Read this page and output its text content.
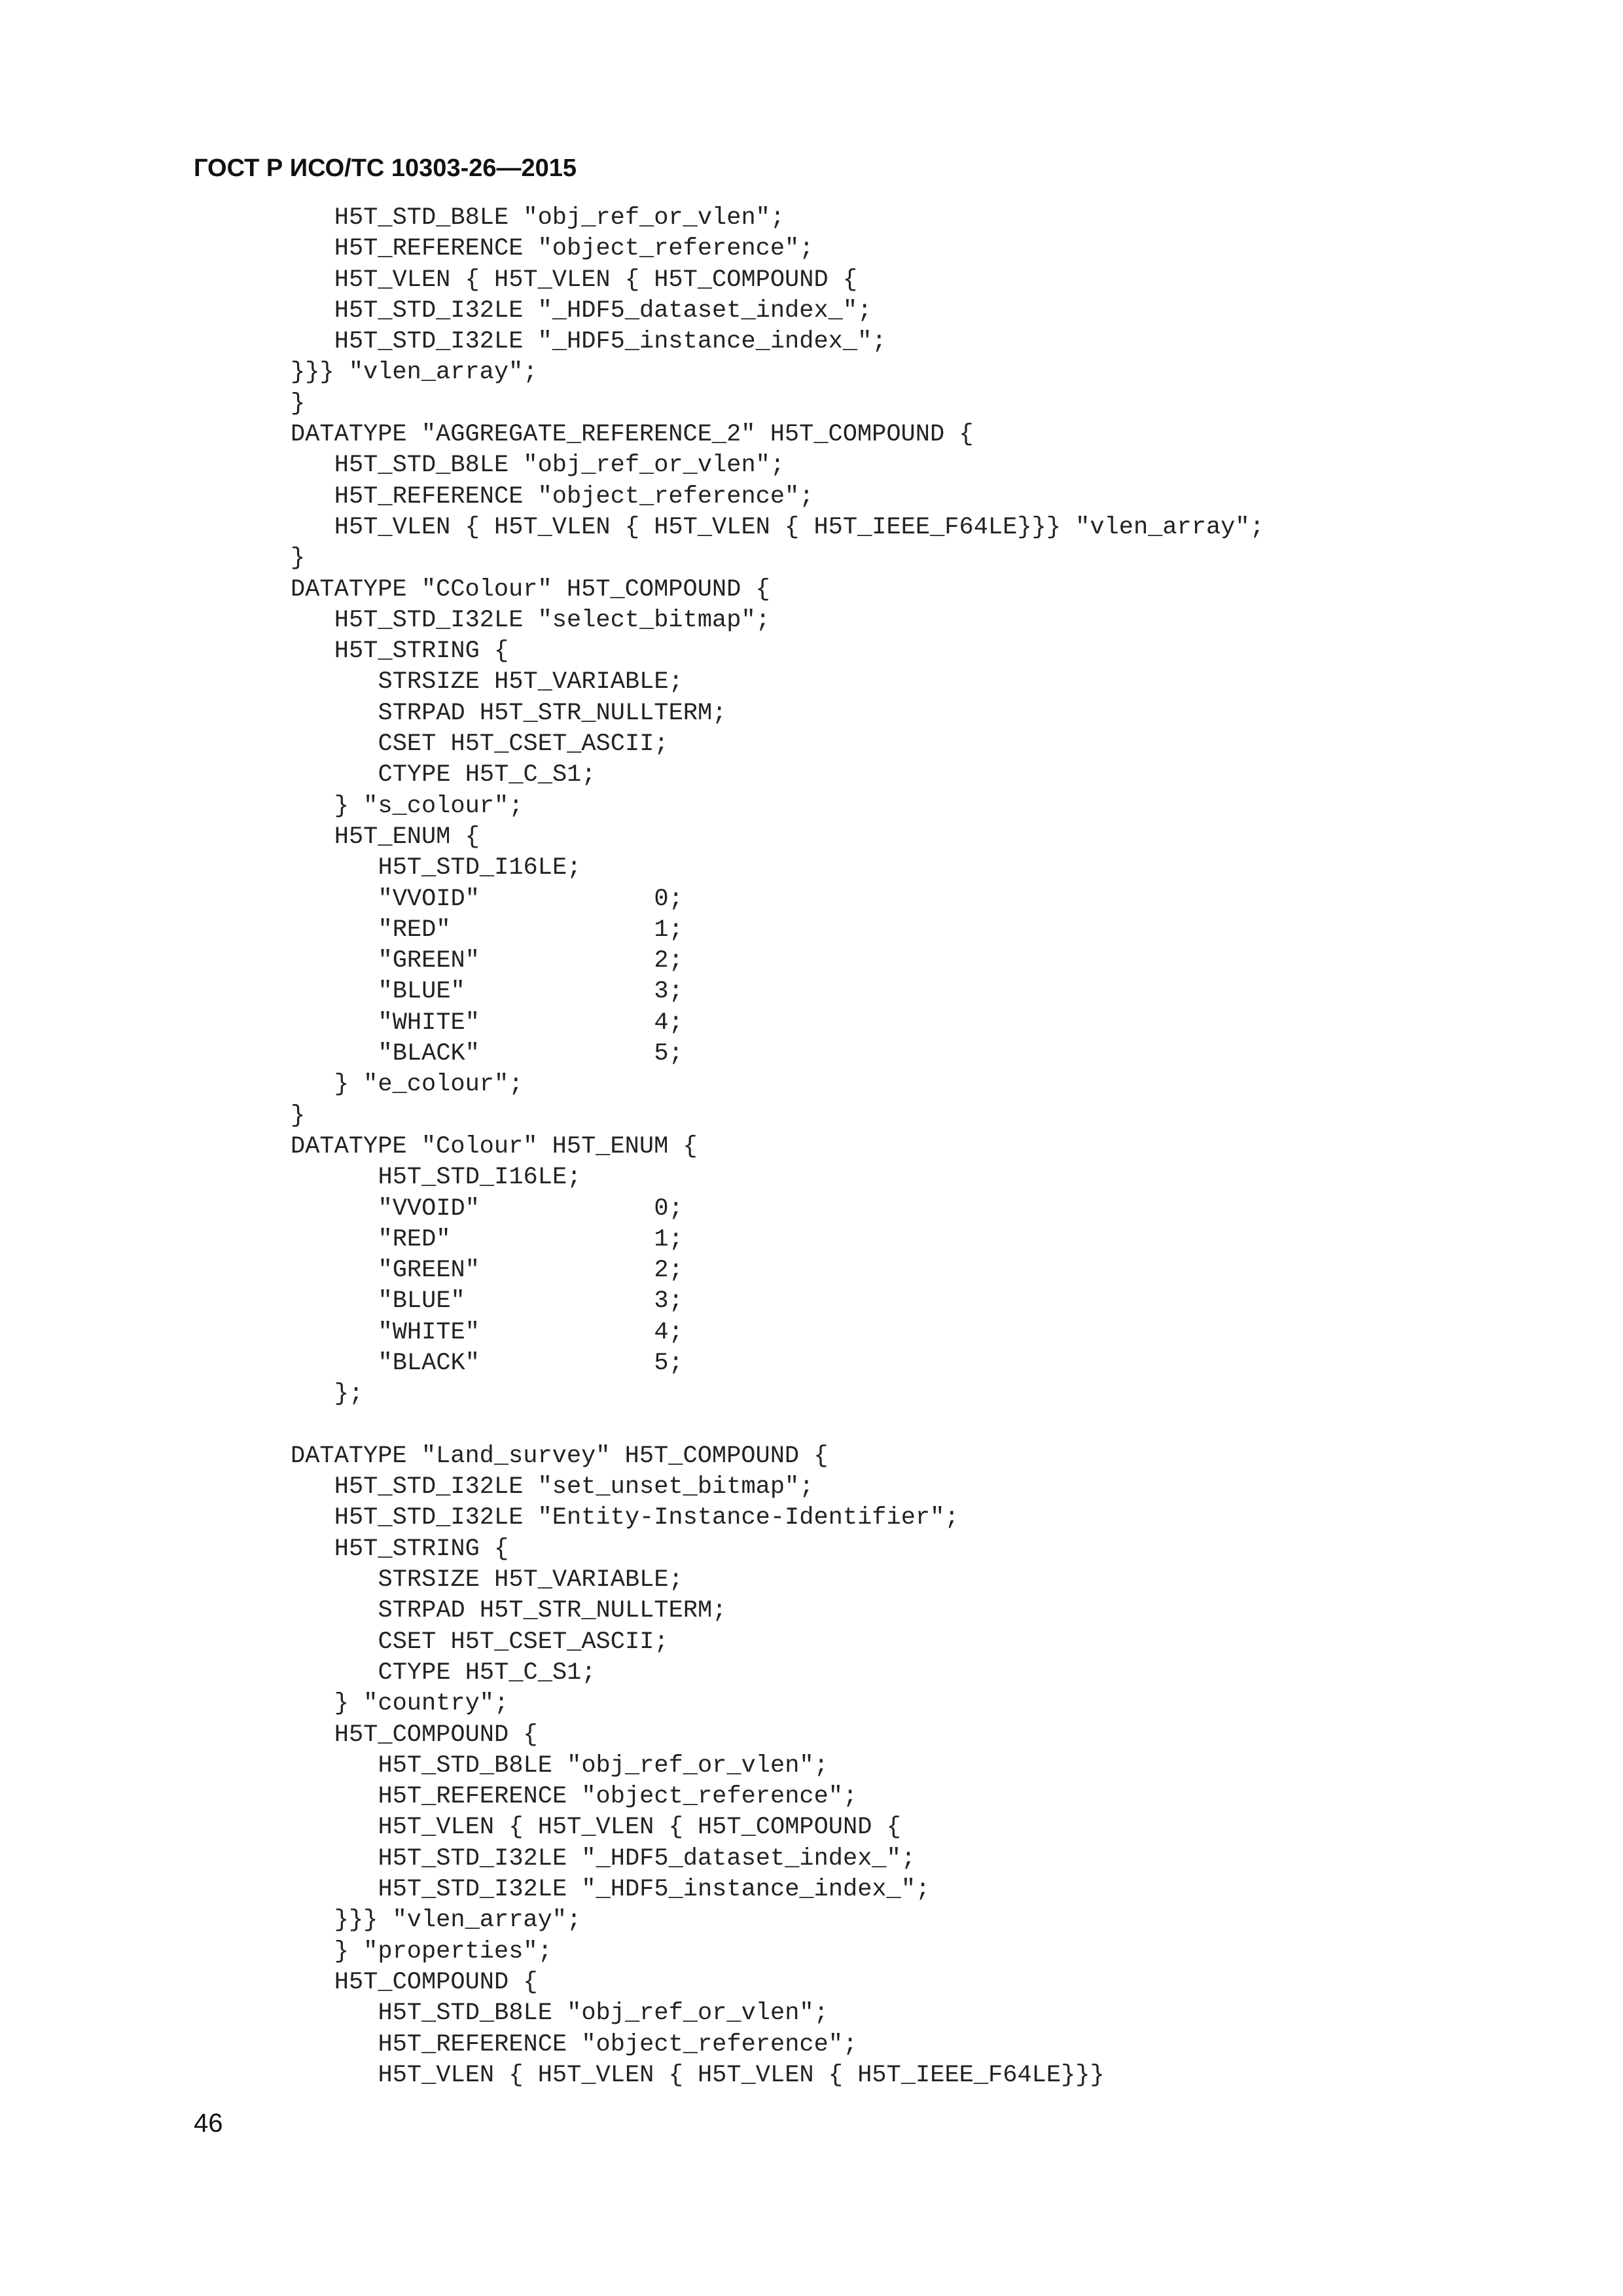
ГОСТ Р ИСО/ТС 10303-26—2015
H5T_STD_B8LE "obj_ref_or_vlen";
H5T_REFERENCE "object_reference";
H5T_VLEN { H5T_VLEN { H5T_COMPOUND {
H5T_STD_I32LE "_HDF5_dataset_index_";
H5T_STD_I32LE "_HDF5_instance_index_";
}}} "vlen_array";
}
DATATYPE "AGGREGATE_REFERENCE_2" H5T_COMPOUND {
H5T_STD_B8LE "obj_ref_or_vlen";
H5T_REFERENCE "object_reference";
H5T_VLEN { H5T_VLEN { H5T_VLEN { H5T_IEEE_F64LE}}} "vlen_array";
}
DATATYPE "CColour" H5T_COMPOUND {
H5T_STD_I32LE "select_bitmap";
H5T_STRING {
STRSIZE H5T_VARIABLE;
STRPAD H5T_STR_NULLTERM;
CSET H5T_CSET_ASCII;
CTYPE H5T_C_S1;
} "s_colour";
H5T_ENUM {
H5T_STD_I16LE;
"VVOID"            0;
"RED"              1;
"GREEN"            2;
"BLUE"             3;
"WHITE"            4;
"BLACK"            5;
} "e_colour";
}
DATATYPE "Colour" H5T_ENUM {
H5T_STD_I16LE;
"VVOID"            0;
"RED"              1;
"GREEN"            2;
"BLUE"             3;
"WHITE"            4;
"BLACK"            5;
};
DATATYPE "Land_survey" H5T_COMPOUND {
H5T_STD_I32LE "set_unset_bitmap";
H5T_STD_I32LE "Entity-Instance-Identifier";
H5T_STRING {
STRSIZE H5T_VARIABLE;
STRPAD H5T_STR_NULLTERM;
CSET H5T_CSET_ASCII;
CTYPE H5T_C_S1;
} "country";
H5T_COMPOUND {
H5T_STD_B8LE "obj_ref_or_vlen";
H5T_REFERENCE "object_reference";
H5T_VLEN { H5T_VLEN { H5T_COMPOUND {
H5T_STD_I32LE "_HDF5_dataset_index_";
H5T_STD_I32LE "_HDF5_instance_index_";
}}} "vlen_array";
} "properties";
H5T_COMPOUND {
H5T_STD_B8LE "obj_ref_or_vlen";
H5T_REFERENCE "object_reference";
H5T_VLEN { H5T_VLEN { H5T_VLEN { H5T_IEEE_F64LE}}}
46
